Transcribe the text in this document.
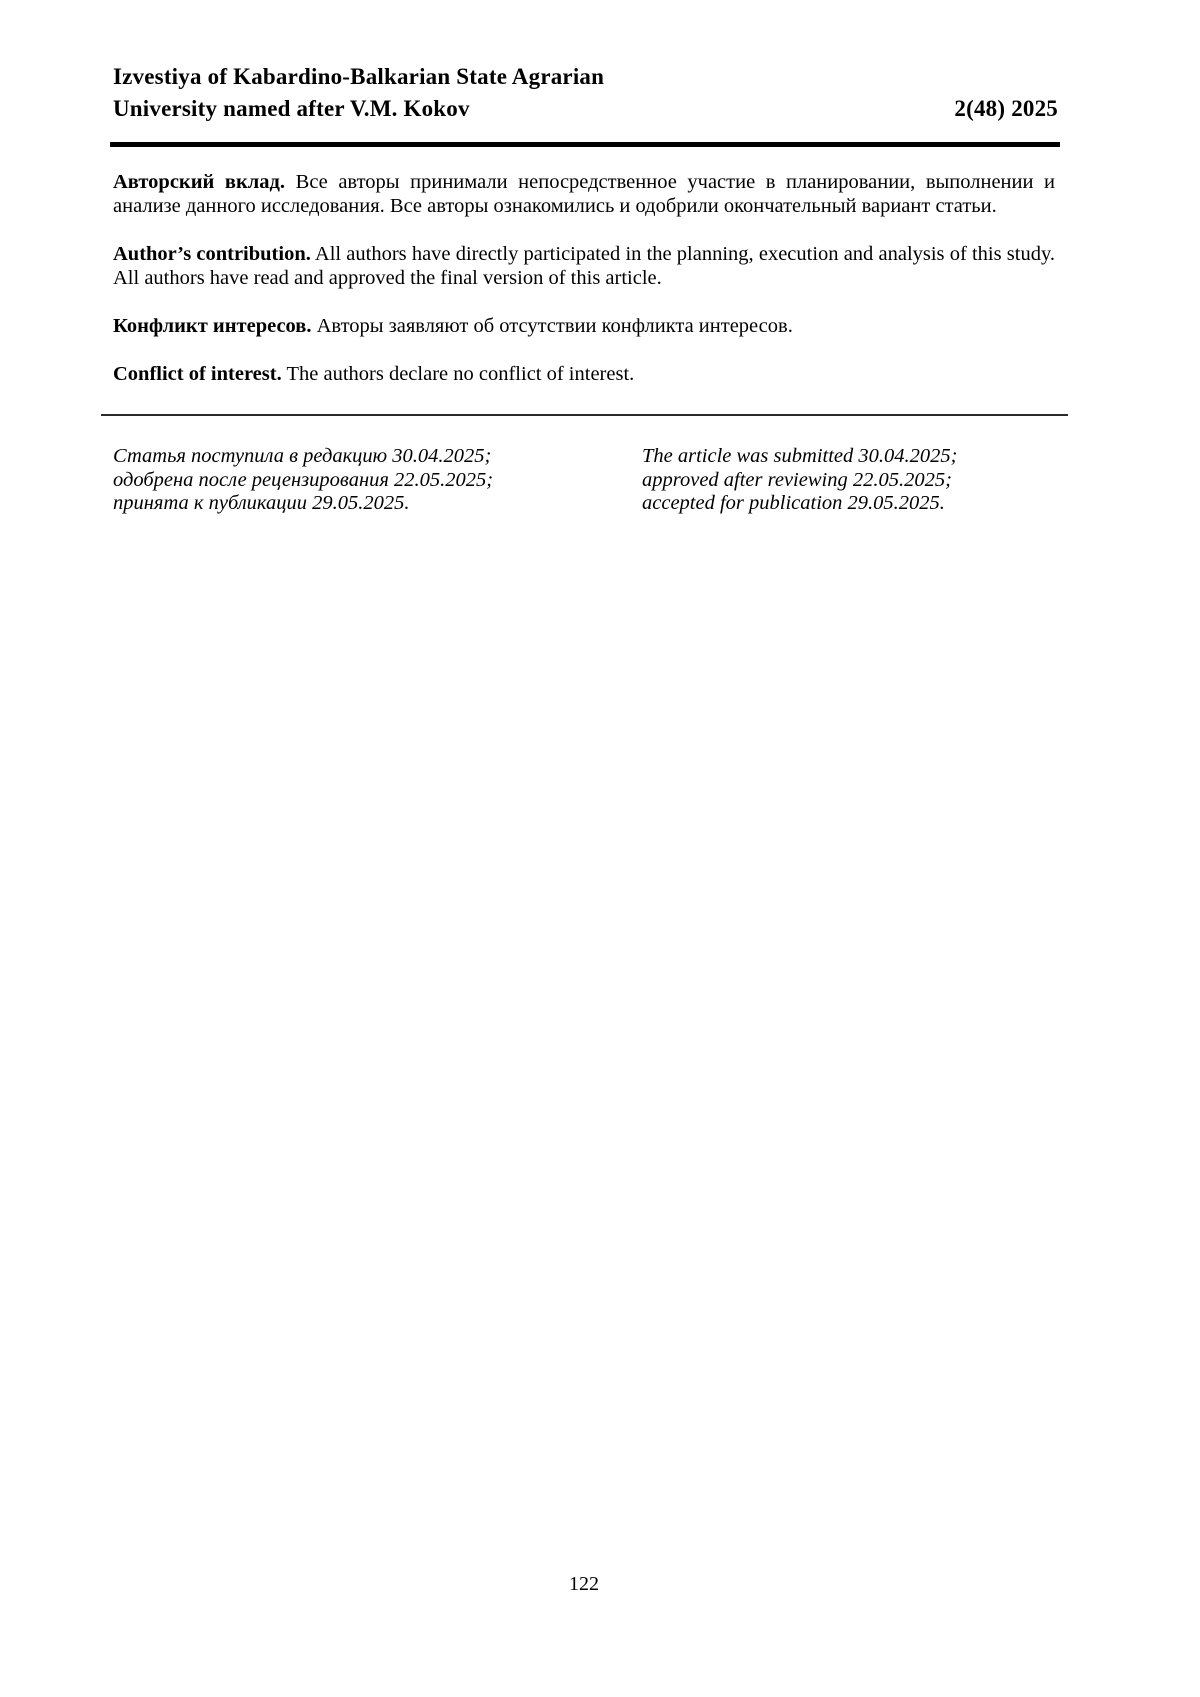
Izvestiya of Kabardino-Balkarian State Agrarian
University named after V.M. Kokov	2(48) 2025

Авторский вклад. Все авторы принимали непосредственное участие в планировании, выполнении и анализе данного исследования. Все авторы ознакомились и одобрили окончательный вариант статьи.

Author’s contribution. All authors have directly participated in the planning, execution and analysis of this study. All authors have read and approved the final version of this article.

Конфликт интересов. Авторы заявляют об отсутствии конфликта интересов.

Conflict of interest. The authors declare no conflict of interest.

Статья поступила в редакцию 30.04.2025;
одобрена после рецензирования 22.05.2025;
принята к публикации 29.05.2025.
The article was submitted 30.04.2025;
approved after reviewing 22.05.2025;
accepted for publication 29.05.2025.
122
